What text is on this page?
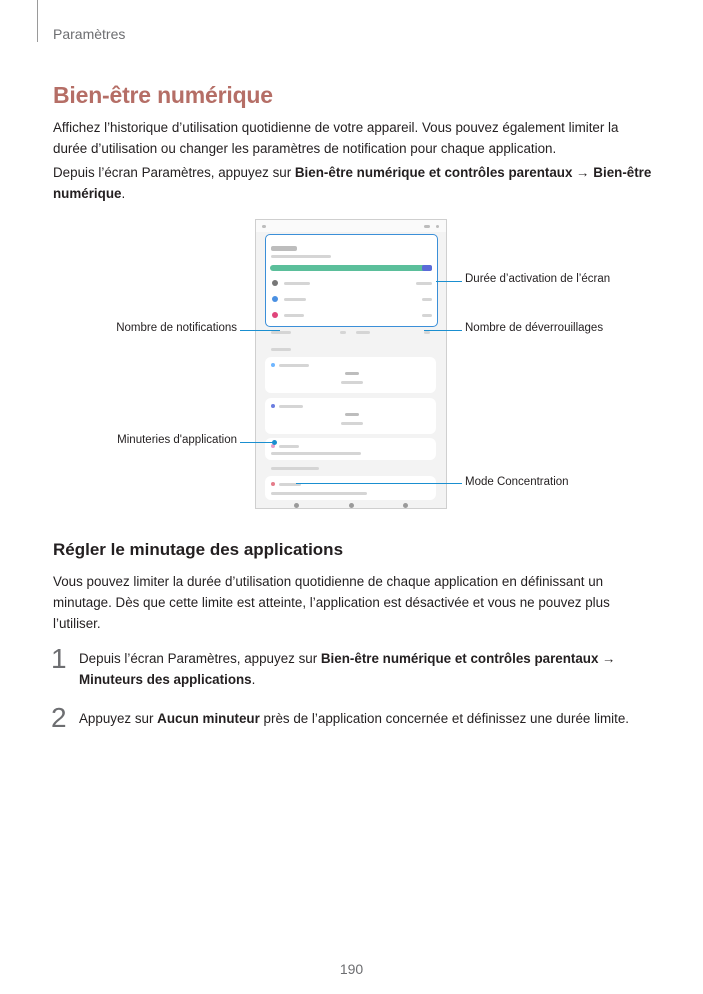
Paramètres
Bien-être numérique
Affichez l’historique d’utilisation quotidienne de votre appareil. Vous pouvez également limiter la durée d’utilisation ou changer les paramètres de notification pour chaque application.
Depuis l’écran Paramètres, appuyez sur Bien-être numérique et contrôles parentaux → Bien-être numérique.
Durée d’activation de l’écran
Nombre de notifications	Nombre de déverrouillages
Minuteries d'application
Mode Concentration
Régler le minutage des applications
Vous pouvez limiter la durée d’utilisation quotidienne de chaque application en définissant un minutage. Dès que cette limite est atteinte, l’application est désactivée et vous ne pouvez plus l’utiliser.
1 Depuis l’écran Paramètres, appuyez sur Bien-être numérique et contrôles parentaux → Minuteurs des applications.
2 Appuyez sur Aucun minuteur près de l’application concernée et définissez une durée limite.
190
